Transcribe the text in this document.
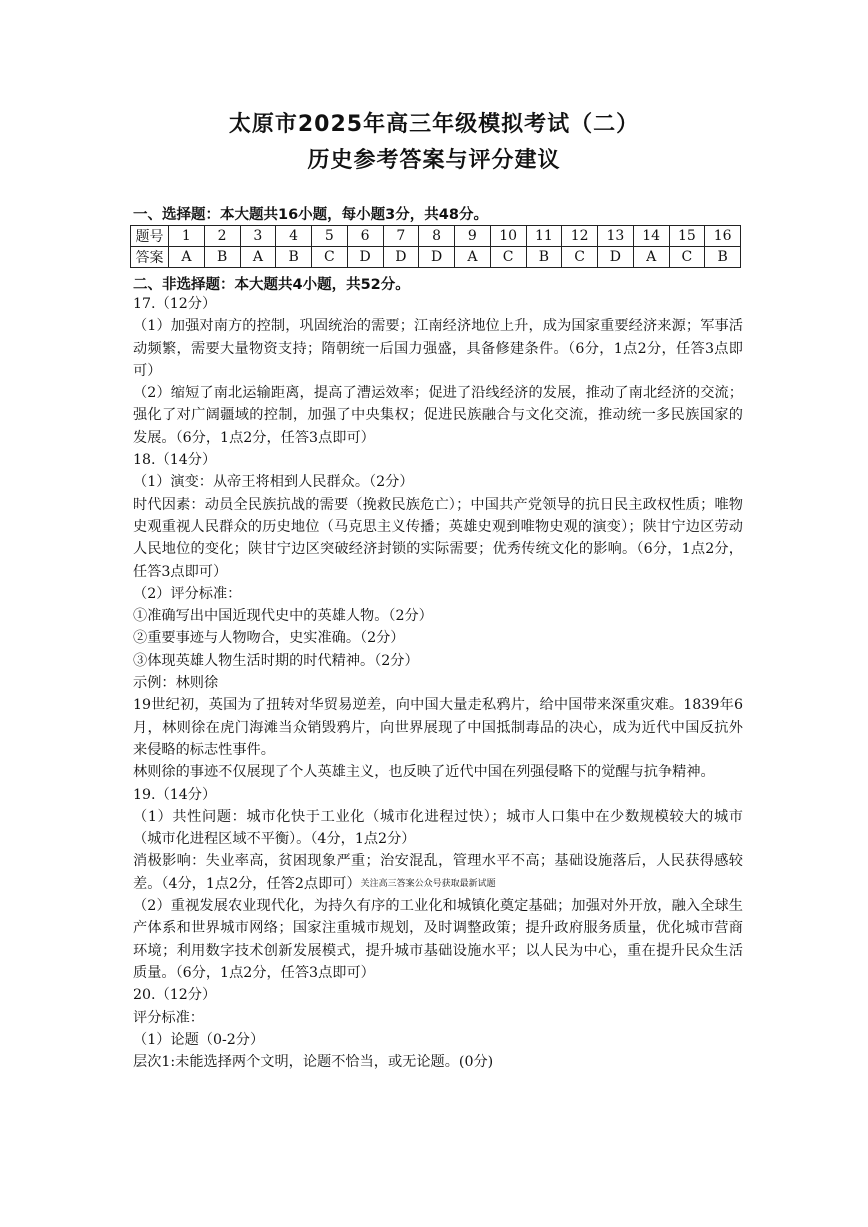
太原市2025年高三年级模拟考试（二）
历史参考答案与评分建议
一、选择题：本大题共16小题，每小题3分，共48分。
题号	1	2	3	4	5	6	7	8	9	10	11	12	13	14	15	16
答案	A	B	A	B	C	D	D	D	A	C	B	C	D	A	C	B
二、非选择题：本大题共4小题，共52分。

17.（12分）

（1）加强对南方的控制，巩固统治的需要；江南经济地位上升，成为国家重要经济来源；军事活动频繁，需要大量物资支持；隋朝统一后国力强盛，具备修建条件。（6分，1点2分，任答3点即可）

（2）缩短了南北运输距离，提高了漕运效率；促进了沿线经济的发展，推动了南北经济的交流；强化了对广阔疆域的控制，加强了中央集权；促进民族融合与文化交流，推动统一多民族国家的发展。（6分，1点2分，任答3点即可）

18.（14分）

（1）演变：从帝王将相到人民群众。（2分）

时代因素：动员全民族抗战的需要（挽救民族危亡）；中国共产党领导的抗日民主政权性质；唯物史观重视人民群众的历史地位（马克思主义传播；英雄史观到唯物史观的演变）；陕甘宁边区劳动人民地位的变化；陕甘宁边区突破经济封锁的实际需要；优秀传统文化的影响。（6分，1点2分，任答3点即可）

（2）评分标准：

①准确写出中国近现代史中的英雄人物。（2分）

②重要事迹与人物吻合，史实准确。（2分）

③体现英雄人物生活时期的时代精神。（2分）

示例：林则徐

19世纪初，英国为了扭转对华贸易逆差，向中国大量走私鸦片，给中国带来深重灾难。1839年6月，林则徐在虎门海滩当众销毁鸦片，向世界展现了中国抵制毒品的决心，成为近代中国反抗外来侵略的标志性事件。

林则徐的事迹不仅展现了个人英雄主义，也反映了近代中国在列强侵略下的觉醒与抗争精神。

19.（14分）

（1）共性问题：城市化快于工业化（城市化进程过快）；城市人口集中在少数规模较大的城市（城市化进程区域不平衡）。（4分，1点2分）

消极影响：失业率高，贫困现象严重；治安混乱，管理水平不高；基础设施落后，人民获得感较差。（4分，1点2分，任答2点即可）关注高三答案公众号获取最新试题

（2）重视发展农业现代化，为持久有序的工业化和城镇化奠定基础；加强对外开放，融入全球生产体系和世界城市网络；国家注重城市规划，及时调整政策；提升政府服务质量，优化城市营商环境；利用数字技术创新发展模式，提升城市基础设施水平；以人民为中心，重在提升民众生活质量。（6分，1点2分，任答3点即可）

20.（12分）

评分标准：

（1）论题（0-2分）

层次1:未能选择两个文明，论题不恰当，或无论题。(0分)
